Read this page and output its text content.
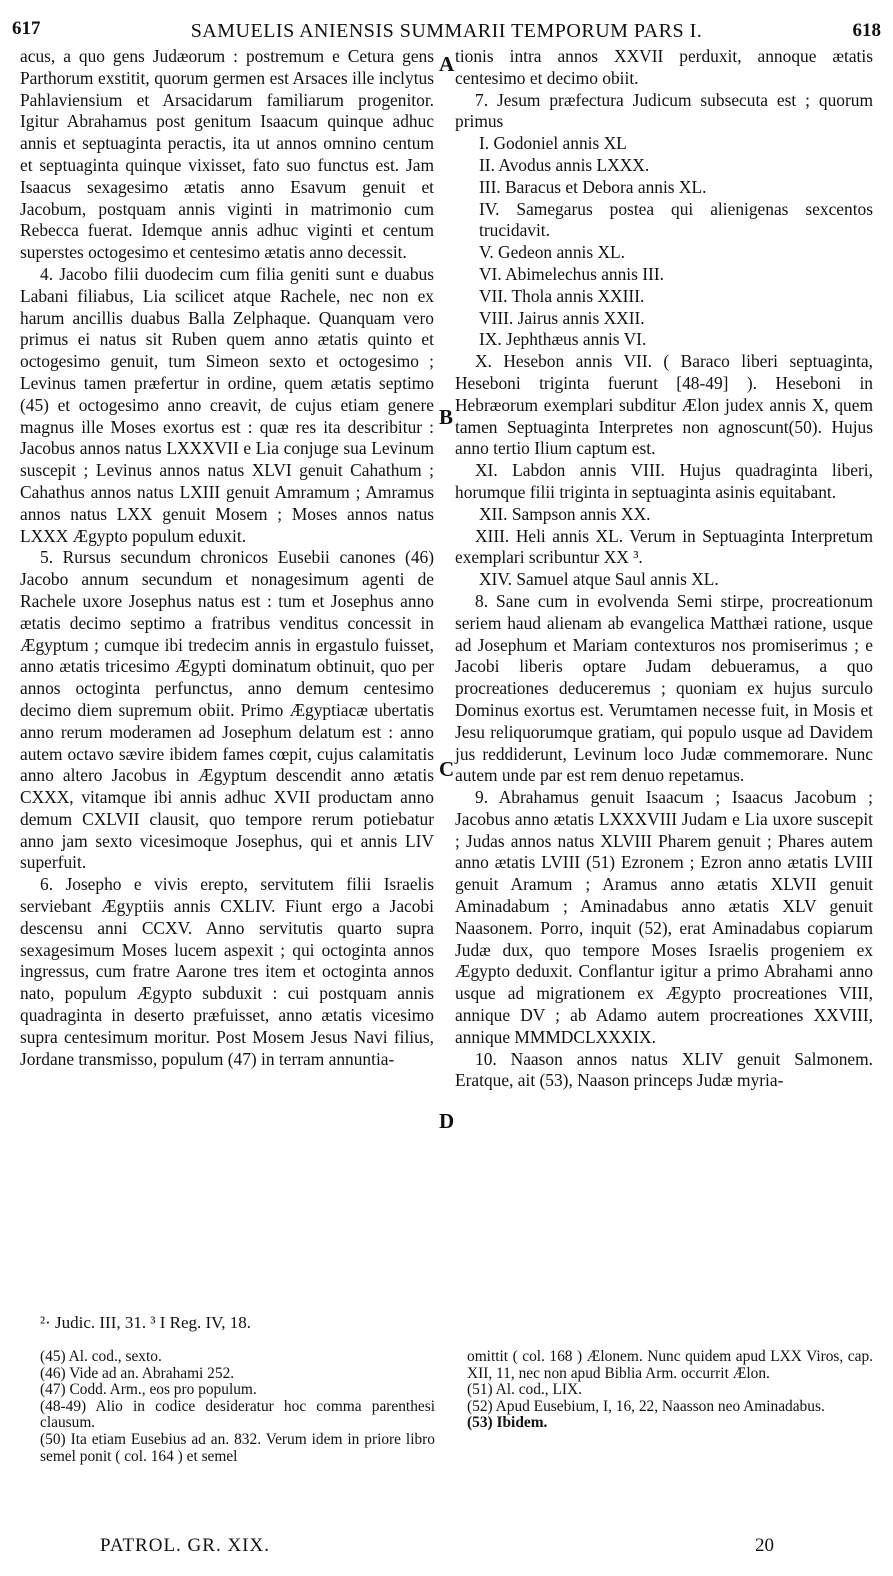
617	SAMUELIS ANIENSIS SUMMARII TEMPORUM PARS I.	618
A
B
C
D

acus, a quo gens Judæorum : postremum e Cetura gens Parthorum exstitit, quorum germen est Arsaces ille inclytus Pahlaviensium et Arsacidarum familiarum progenitor. Igitur Abrahamus post genitum Isaacum quinque adhuc annis et septuaginta peractis, ita ut annos omnino centum et septuaginta quinque vixisset, fato suo functus est. Jam Isaacus sexagesimo ætatis anno Esavum genuit et Jacobum, postquam annis viginti in matrimonio cum Rebecca fuerat. Idemque annis adhuc viginti et centum superstes octogesimo et centesimo ætatis anno decessit.

4. Jacobo filii duodecim cum filia geniti sunt e duabus Labani filiabus, Lia scilicet atque Rachele, nec non ex harum ancillis duabus Balla Zelphaque. Quanquam vero primus ei natus sit Ruben quem anno ætatis quinto et octogesimo genuit, tum Simeon sexto et octogesimo ; Levinus tamen præfertur in ordine, quem ætatis septimo (45) et octogesimo anno creavit, de cujus etiam genere magnus ille Moses exortus est : quæ res ita describitur : Jacobus annos natus LXXXVII e Lia conjuge sua Levinum suscepit ; Levinus annos natus XLVI genuit Cahathum ; Cahathus annos natus LXIII genuit Amramum ; Amramus annos natus LXX genuit Mosem ; Moses annos natus LXXX Ægypto populum eduxit.

5. Rursus secundum chronicos Eusebii canones (46) Jacobo annum secundum et nonagesimum agenti de Rachele uxore Josephus natus est : tum et Josephus anno ætatis decimo septimo a fratribus venditus concessit in Ægyptum ; cumque ibi tredecim annis in ergastulo fuisset, anno ætatis tricesimo Ægypti dominatum obtinuit, quo per annos octoginta perfunctus, anno demum centesimo decimo diem supremum obiit. Primo Ægyptiacæ ubertatis anno rerum moderamen ad Josephum delatum est : anno autem octavo sævire ibidem fames cœpit, cujus calamitatis anno altero Jacobus in Ægyptum descendit anno ætatis CXXX, vitamque ibi annis adhuc XVII productam anno demum CXLVII clausit, quo tempore rerum potiebatur anno jam sexto vicesimoque Josephus, qui et annis LIV superfuit.

6. Josepho e vivis erepto, servitutem filii Israelis serviebant Ægyptiis annis CXLIV. Fiunt ergo a Jacobi descensu anni CCXV. Anno servitutis quarto supra sexagesimum Moses lucem aspexit ; qui octoginta annos ingressus, cum fratre Aarone tres item et octoginta annos nato, populum Ægypto subduxit : cui postquam annis quadraginta in deserto præfuisset, anno ætatis vicesimo supra centesimum moritur. Post Mosem Jesus Navi filius, Jordane transmisso, populum (47) in terram annuntia-

tionis intra annos XXVII perduxit, annoque ætatis centesimo et decimo obiit.

7. Jesum præfectura Judicum subsecuta est ; quorum primus

I. Godoniel annis XL

II. Avodus annis LXXX.

III. Baracus et Debora annis XL.

IV. Samegarus postea qui alienigenas sexcentos trucidavit.

V. Gedeon annis XL.

VI. Abimelechus annis III.

VII. Thola annis XXIII.

VIII. Jairus annis XXII.

IX. Jephthæus annis VI.

X. Hesebon annis VII. ( Baraco liberi septuaginta, Heseboni triginta fuerunt [48-49] ). Heseboni in Hebræorum exemplari subditur Ælon judex annis X, quem tamen Septuaginta Interpretes non agnoscunt(50). Hujus anno tertio Ilium captum est.

XI. Labdon annis VIII. Hujus quadraginta liberi, horumque filii triginta in septuaginta asinis equitabant.

XII. Sampson annis XX.

XIII. Heli annis XL. Verum in Septuaginta Interpretum exemplari scribuntur XX ³.

XIV. Samuel atque Saul annis XL.

8. Sane cum in evolvenda Semi stirpe, procreationum seriem haud alienam ab evangelica Matthæi ratione, usque ad Josephum et Mariam contexturos nos promiserimus ; e Jacobi liberis optare Judam debueramus, a quo procreationes deduceremus ; quoniam ex hujus surculo Dominus exortus est. Verumtamen necesse fuit, in Mosis et Jesu reliquorumque gratiam, qui populo usque ad Davidem jus reddiderunt, Levinum loco Judæ commemorare. Nunc autem unde par est rem denuo repetamus.

9. Abrahamus genuit Isaacum ; Isaacus Jacobum ; Jacobus anno ætatis LXXXVIII Judam e Lia uxore suscepit ; Judas annos natus XLVIII Pharem genuit ; Phares autem anno ætatis LVIII (51) Ezronem ; Ezron anno ætatis LVIII genuit Aramum ; Aramus anno ætatis XLVII genuit Aminadabum ; Aminadabus anno ætatis XLV genuit Naasonem. Porro, inquit (52), erat Aminadabus copiarum Judæ dux, quo tempore Moses Israelis progeniem ex Ægypto deduxit. Conflantur igitur a primo Abrahami anno usque ad migrationem ex Ægypto procreationes VIII, annique DV ; ab Adamo autem procreationes XXVIII, annique MMMDCLXXXIX.

10. Naason annos natus XLIV genuit Salmonem. Eratque, ait (53), Naason princeps Judæ myria-

²· Judic. III, 31. ³ I Reg. IV, 18.

(45) Al. cod., sexto.

(46) Vide ad an. Abrahami 252.

(47) Codd. Arm., eos pro populum.

(48-49) Alio in codice desideratur hoc comma parenthesi clausum.

(50) Ita etiam Eusebius ad an. 832. Verum idem in priore libro semel ponit ( col. 164 ) et semel

omittit ( col. 168 ) Ælonem. Nunc quidem apud LXX Viros, cap. XII, 11, nec non apud Biblia Arm. occurrit Ælon.

(51) Al. cod., LIX.

(52) Apud Eusebium, I, 16, 22, Naasson neo Aminadabus.

(53) Ibidem.

PATROL. GR. XIX.	20
